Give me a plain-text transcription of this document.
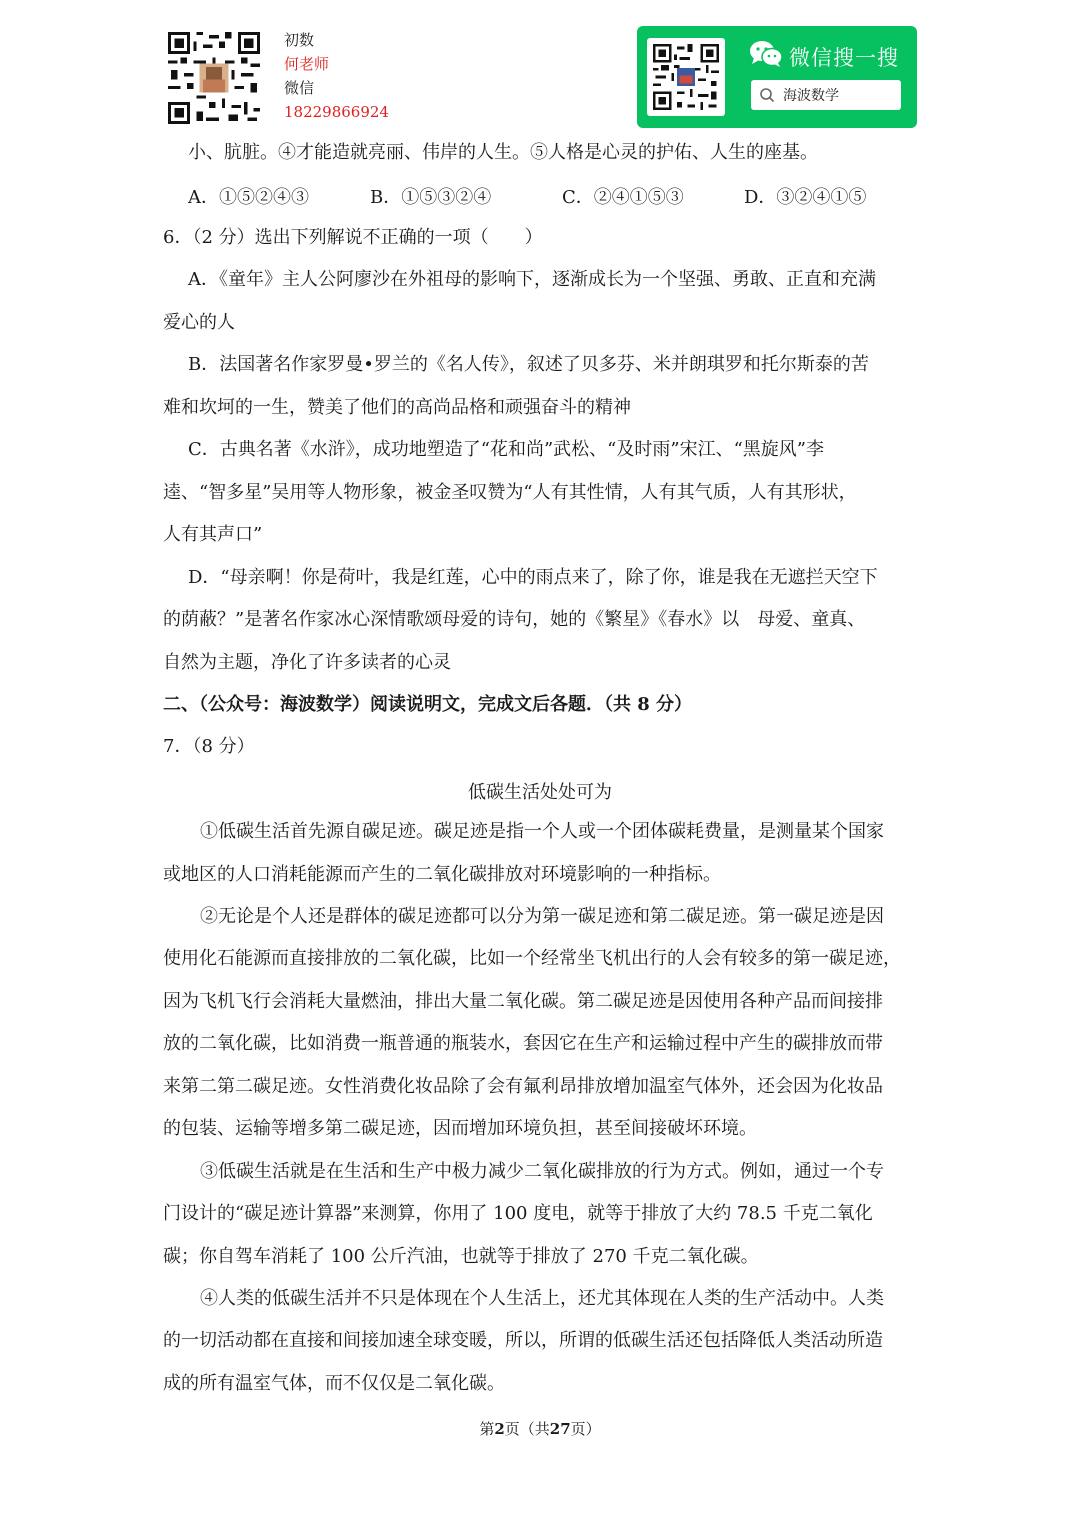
初数
何老师
微信
18229866924
微信搜一搜
海波数学
小、肮脏。④才能造就亮丽、伟岸的人生。⑤人格是心灵的护佑、人生的座基。
A．①⑤②④③	B．①⑤③②④	C．②④①⑤③	D．③②④①⑤
6．（2 分）选出下列解说不正确的一项（　　）
A．《童年》主人公阿廖沙在外祖母的影响下，逐渐成长为一个坚强、勇敢、正直和充满
爱心的人
B．法国著名作家罗曼•罗兰的《名人传》，叙述了贝多芬、米并朗琪罗和托尔斯泰的苦
难和坎坷的一生，赞美了他们的高尚品格和顽强奋斗的精神
C．古典名著《水浒》，成功地塑造了“花和尚”武松、“及时雨”宋江、“黑旋风”李
逵、“智多星”吴用等人物形象，被金圣叹赞为“人有其性情，人有其气质，人有其形状，
人有其声口”
D．“母亲啊！你是荷叶，我是红莲，心中的雨点来了，除了你，谁是我在无遮拦天空下
的荫蔽？”是著名作家冰心深情歌颂母爱的诗句，她的《繁星》《春水》以　母爱、童真、
自然为主题，净化了许多读者的心灵
二、（公众号：海波数学）阅读说明文，完成文后各题．（共 8 分）
7．（8 分）
低碳生活处处可为
①低碳生活首先源自碳足迹。碳足迹是指一个人或一个团体碳耗费量，是测量某个国家
或地区的人口消耗能源而产生的二氧化碳排放对环境影响的一种指标。
②无论是个人还是群体的碳足迹都可以分为第一碳足迹和第二碳足迹。第一碳足迹是因
使用化石能源而直接排放的二氧化碳，比如一个经常坐飞机出行的人会有较多的第一碳足迹，
因为飞机飞行会消耗大量燃油，排出大量二氧化碳。第二碳足迹是因使用各种产品而间接排
放的二氧化碳，比如消费一瓶普通的瓶装水，套因它在生产和运输过程中产生的碳排放而带
来第二第二碳足迹。女性消费化妆品除了会有氟利昂排放增加温室气体外，还会因为化妆品
的包装、运输等增多第二碳足迹，因而增加环境负担，甚至间接破坏环境。
③低碳生活就是在生活和生产中极力减少二氧化碳排放的行为方式。例如，通过一个专
门设计的“碳足迹计算器”来测算，你用了 100 度电，就等于排放了大约 78.5 千克二氧化
碳；你自驾车消耗了 100 公斤汽油，也就等于排放了 270 千克二氧化碳。
④人类的低碳生活并不只是体现在个人生活上，还尤其体现在人类的生产活动中。人类
的一切活动都在直接和间接加速全球变暖，所以，所谓的低碳生活还包括降低人类活动所造
成的所有温室气体，而不仅仅是二氧化碳。
第2页（共27页）
